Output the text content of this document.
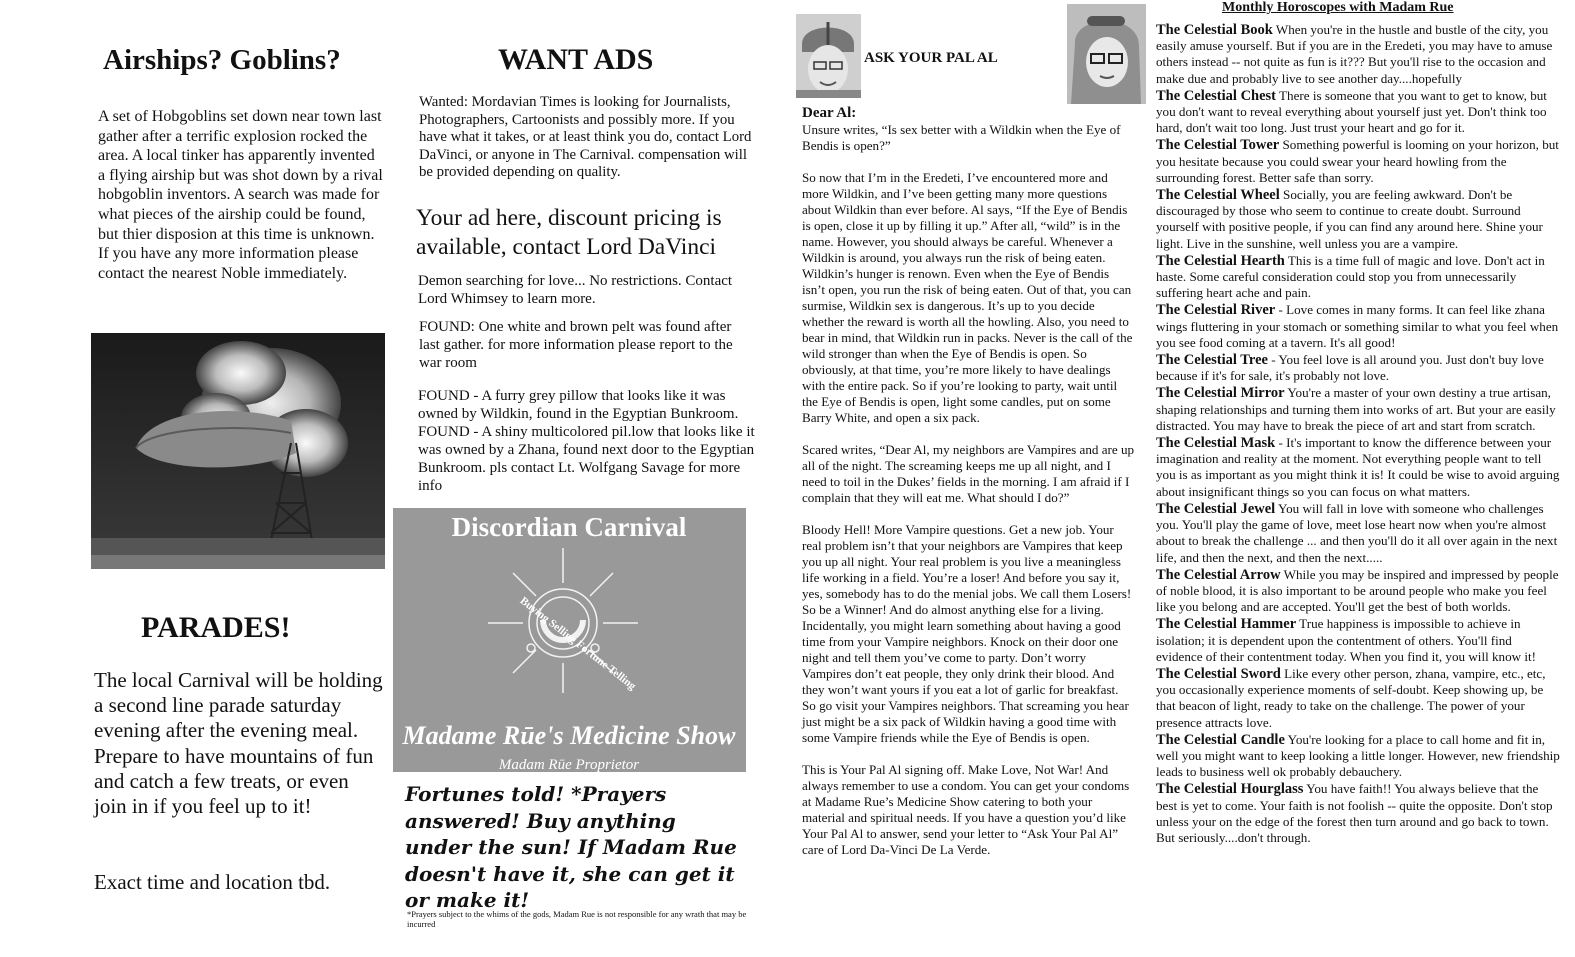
Airships? Goblins?

A set of Hobgoblins set down near town last gather after a terrific explosion rocked the area. A local tinker has apparently invented a flying airship but was shot down by a rival hobgoblin inventors. A search was made for what pieces of the airship could be found, but thier disposion at this time is unknown. If you have any more information please contact the nearest Noble immediately.

PARADES!

The local Carnival will be holding a second line parade saturday evening after the evening meal. Prepare to have mountains of fun and catch a few treats, or even join in if you feel up to it!

Exact time and location tbd.

WANT ADS

Wanted: Mordavian Times is looking for Journalists, Photographers, Cartoonists and possibly more. If you have what it takes, or at least think you do, contact Lord DaVinci, or anyone in The Carnival. compensation will be provided depending on quality.

Your ad here, discount pricing is available, contact Lord DaVinci

Demon searching for love... No restrictions. Contact Lord Whimsey to learn more.

FOUND: One white and brown pelt was found after last gather. for more information please report to the war room

FOUND - A furry grey pillow that looks like it was owned by Wildkin, found in the Egyptian Bunkroom. FOUND - A shiny multicolored pil.low that looks like it was owned by a Zhana, found next door to the Egyptian Bunkroom. pls contact Lt. Wolfgang Savage for more info

Discordian Carnival
Buying Selling Fortune Telling
Madame Rūe's Medicine Show
Madam Rūe Proprietor

Fortunes told! *Prayers answered! Buy anything under the sun! If Madam Rue doesn't have it, she can get it or make it!

*Prayers subject to the whims of the gods, Madam Rue is not responsible for any wrath that may be incurred

ASK YOUR PAL AL
Dear Al:

Unsure writes, “Is sex better with a Wildkin when the Eye of Bendis is open?”

So now that I’m in the Eredeti, I’ve encountered more and more Wildkin, and I’ve been getting many more questions about Wildkin than ever before. Al says, “If the Eye of Bendis is open, close it up by filling it up.” After all, “wild” is in the name. However, you should always be careful. Whenever a Wildkin is around, you always run the risk of being eaten. Wildkin’s hunger is renown. Even when the Eye of Bendis isn’t open, you run the risk of being eaten. Out of that, you can surmise, Wildkin sex is dangerous. It’s up to you decide whether the reward is worth all the howling. Also, you need to bear in mind, that Wildkin run in packs. Never is the call of the wild stronger than when the Eye of Bendis is open. So obviously, at that time, you’re more likely to have dealings with the entire pack. So if you’re looking to party, wait until the Eye of Bendis is open, light some candles, put on some Barry White, and open a six pack.

Scared writes, “Dear Al, my neighbors are Vampires and are up all of the night. The screaming keeps me up all night, and I need to toil in the Dukes’ fields in the morning. I am afraid if I complain that they will eat me. What should I do?”

Bloody Hell! More Vampire questions. Get a new job. Your real problem isn’t that your neighbors are Vampires that keep you up all night. Your real problem is you live a meaningless life working in a field. You’re a loser! And before you say it, yes, somebody has to do the menial jobs. We call them Losers! So be a Winner! And do almost anything else for a living. Incidentally, you might learn something about having a good time from your Vampire neighbors. Knock on their door one night and tell them you’ve come to party. Don’t worry Vampires don’t eat people, they only drink their blood. And they won’t want yours if you eat a lot of garlic for breakfast. So go visit your Vampires neighbors. That screaming you hear just might be a six pack of Wildkin having a good time with some Vampire friends while the Eye of Bendis is open.

This is Your Pal Al signing off. Make Love, Not War! And always remember to use a condom. You can get your condoms at Madame Rue’s Medicine Show catering to both your material and spiritual needs. If you have a question you’d like Your Pal Al to answer, send your letter to “Ask Your Pal Al” care of Lord Da-Vinci De La Verde.

Monthly Horoscopes with Madam Rue

The Celestial Book When you're in the hustle and bustle of the city, you easily amuse yourself. But if you are in the Eredeti, you may have to amuse others instead -- not quite as fun is it??? But you'll rise to the occasion and make due and probably live to see another day....hopefully

The Celestial Chest There is someone that you want to get to know, but you don't want to reveal everything about yourself just yet. Don't think too hard, don't wait too long. Just trust your heart and go for it.

The Celestial Tower Something powerful is looming on your horizon, but you hesitate because you could swear your heard howling from the surrounding forest. Better safe than sorry.

The Celestial Wheel Socially, you are feeling awkward. Don't be discouraged by those who seem to continue to create doubt. Surround yourself with positive people, if you can find any around here. Shine your light. Live in the sunshine, well unless you are a vampire.

The Celestial Hearth This is a time full of magic and love. Don't act in haste. Some careful consideration could stop you from unnecessarily suffering heart ache and pain.

The Celestial River - Love comes in many forms. It can feel like zhana wings fluttering in your stomach or something similar to what you feel when you see food coming at a tavern. It's all good!

The Celestial Tree - You feel love is all around you. Just don't buy love because if it's for sale, it's probably not love.

The Celestial Mirror You're a master of your own destiny a true artisan, shaping relationships and turning them into works of art. But your are easily distracted. You may have to break the piece of art and start from scratch.

The Celestial Mask - It's important to know the difference between your imagination and reality at the moment. Not everything people want to tell you is as important as you might think it is! It could be wise to avoid arguing about insignificant things so you can focus on what matters.

The Celestial Jewel You will fall in love with someone who challenges you. You'll play the game of love, meet lose heart now when you're almost about to break the challenge ... and then you'll do it all over again in the next life, and then the next, and then the next.....

The Celestial Arrow While you may be inspired and impressed by people of noble blood, it is also important to be around people who make you feel like you belong and are accepted. You'll get the best of both worlds.

The Celestial Hammer True happiness is impossible to achieve in isolation; it is dependent upon the contentment of others. You'll find evidence of their contentment today. When you find it, you will know it!

The Celestial Sword Like every other person, zhana, vampire, etc., etc, you occasionally experience moments of self-doubt. Keep showing up, be that beacon of light, ready to take on the challenge. The power of your presence attracts love.

The Celestial Candle You're looking for a place to call home and fit in, well you might want to keep looking a little longer. However, new friendship leads to business well ok probably debauchery.

The Celestial Hourglass You have faith!! You always believe that the best is yet to come. Your faith is not foolish -- quite the opposite. Don't stop unless your on the edge of the forest then turn around and go back to town. But seriously....don't through.
